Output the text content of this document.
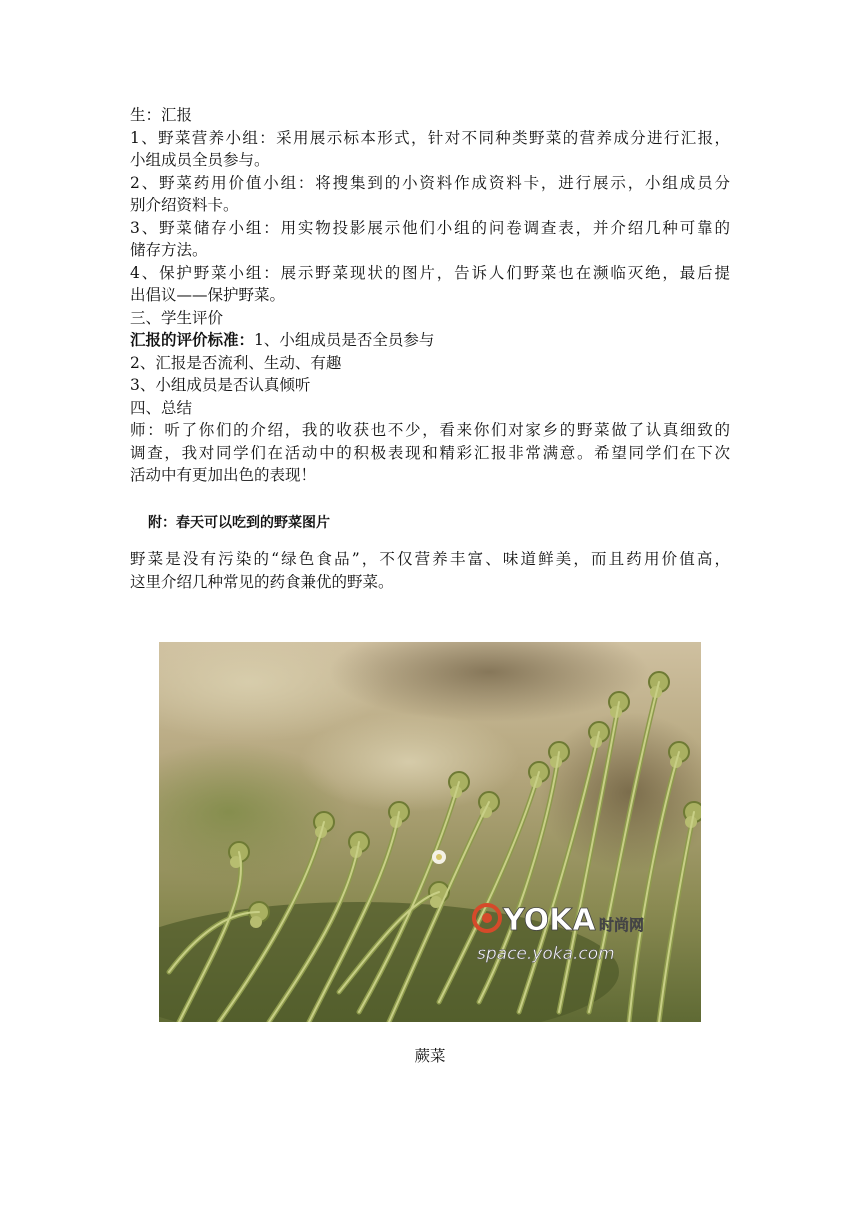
生：汇报
1、野菜营养小组：采用展示标本形式，针对不同种类野菜的营养成分进行汇报，
小组成员全员参与。
2、野菜药用价值小组：将搜集到的小资料作成资料卡，进行展示，小组成员分
别介绍资料卡。
3、野菜储存小组：用实物投影展示他们小组的问卷调查表，并介绍几种可靠的
储存方法。
4、保护野菜小组：展示野菜现状的图片，告诉人们野菜也在濒临灭绝，最后提
出倡议——保护野菜。
三、学生评价
汇报的评价标准：1、小组成员是否全员参与
2、汇报是否流利、生动、有趣
3、小组成员是否认真倾听
四、总结
师：听了你们的介绍，我的收获也不少，看来你们对家乡的野菜做了认真细致的
调查，我对同学们在活动中的积极表现和精彩汇报非常满意。希望同学们在下次
活动中有更加出色的表现！
附：春天可以吃到的野菜图片
野菜是没有污染的“绿色食品”，不仅营养丰富、味道鲜美，而且药用价值高，
这里介绍几种常见的药食兼优的野菜。
YOKA 时尚网
space.yoka.com
蕨菜
